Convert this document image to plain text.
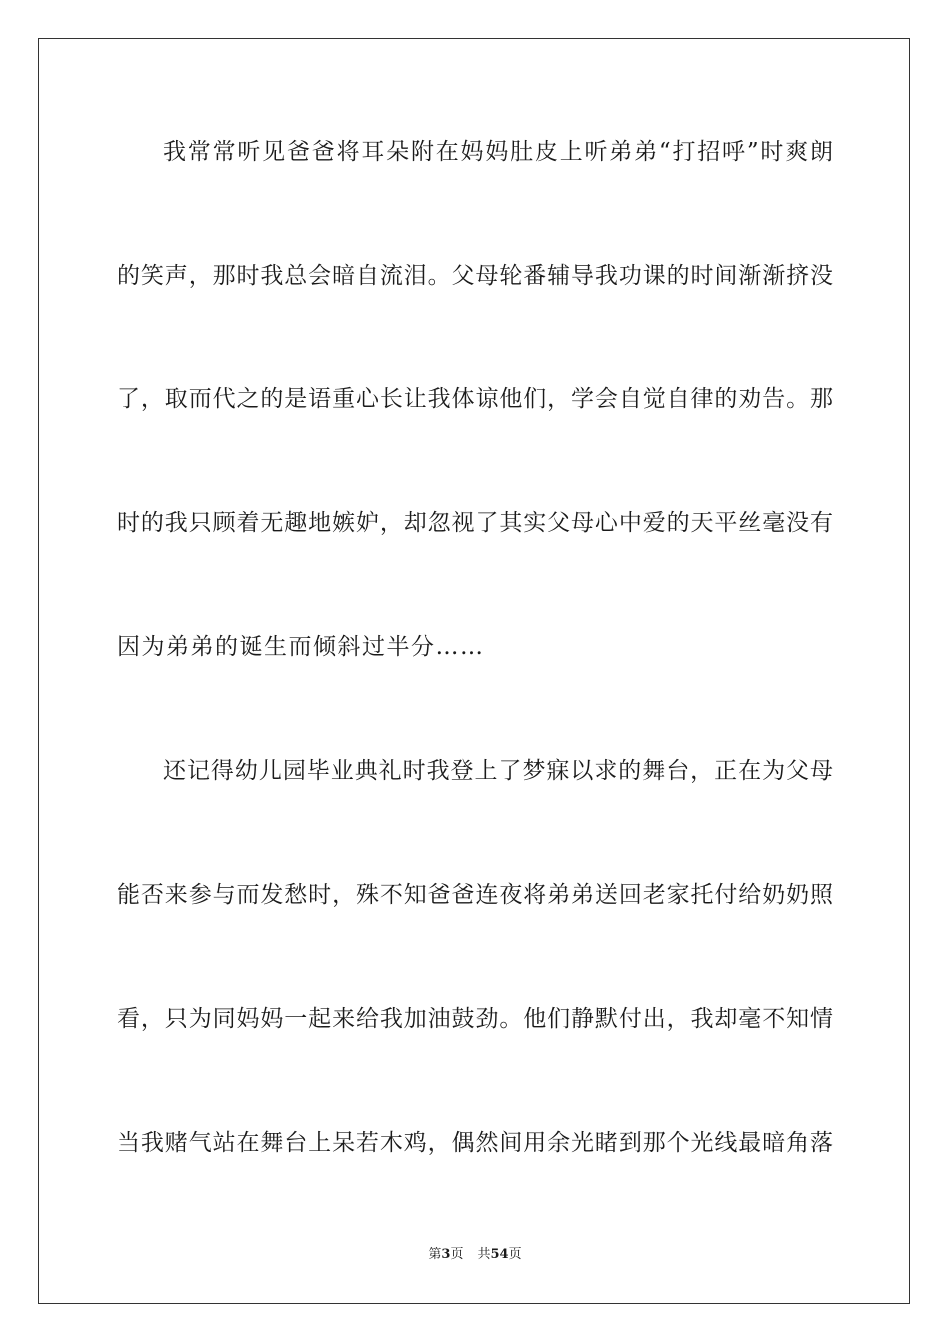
我常常听见爸爸将耳朵附在妈妈肚皮上听弟弟“打招呼”时爽朗
的笑声，那时我总会暗自流泪。父母轮番辅导我功课的时间渐渐挤没
了，取而代之的是语重心长让我体谅他们，学会自觉自律的劝告。那
时的我只顾着无趣地嫉妒，却忽视了其实父母心中爱的天平丝毫没有
因为弟弟的诞生而倾斜过半分……
还记得幼儿园毕业典礼时我登上了梦寐以求的舞台，正在为父母
能否来参与而发愁时，殊不知爸爸连夜将弟弟送回老家托付给奶奶照
看，只为同妈妈一起来给我加油鼓劲。他们静默付出，我却毫不知情
当我赌气站在舞台上呆若木鸡，偶然间用余光睹到那个光线最暗角落
第3页 共54页
